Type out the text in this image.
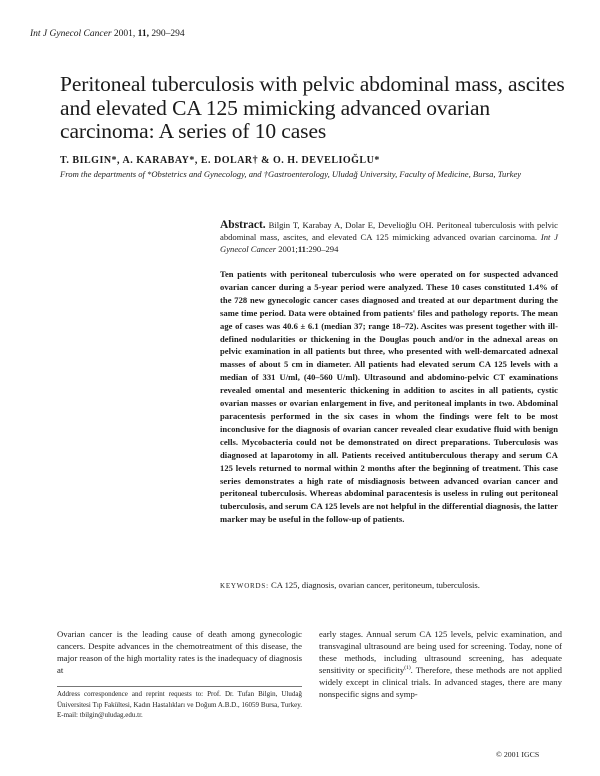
Int J Gynecol Cancer 2001, 11, 290–294
Peritoneal tuberculosis with pelvic abdominal mass, ascites and elevated CA 125 mimicking advanced ovarian carcinoma: A series of 10 cases
T. BILGIN*, A. KARABAY*, E. DOLAR† & O. H. DEVELIOĞLU*
From the departments of *Obstetrics and Gynecology, and †Gastroenterology, Uludağ University, Faculty of Medicine, Bursa, Turkey
Abstract. Bilgin T, Karabay A, Dolar E, Develioğlu OH. Peritoneal tuberculosis with pelvic abdominal mass, ascites, and elevated CA 125 mimicking advanced ovarian carcinoma. Int J Gynecol Cancer 2001;11:290–294
Ten patients with peritoneal tuberculosis who were operated on for suspected advanced ovarian cancer during a 5-year period were analyzed. These 10 cases constituted 1.4% of the 728 new gynecologic cancer cases diagnosed and treated at our department during the same time period. Data were obtained from patients' files and pathology reports. The mean age of cases was 40.6 ± 6.1 (median 37; range 18–72). Ascites was present together with ill-defined nodularities or thickening in the Douglas pouch and/or in the adnexal areas on pelvic examination in all patients but three, who presented with well-demarcated adnexal masses of about 5 cm in diameter. All patients had elevated serum CA 125 levels with a median of 331 U/ml, (40–560 U/ml). Ultrasound and abdomino-pelvic CT examinations revealed omental and mesenteric thickening in addition to ascites in all patients, cystic ovarian masses or ovarian enlargement in five, and peritoneal implants in two. Abdominal paracentesis performed in the six cases in whom the findings were felt to be most inconclusive for the diagnosis of ovarian cancer revealed clear exudative fluid with benign cells. Mycobacteria could not be demonstrated on direct preparations. Tuberculosis was diagnosed at laparotomy in all. Patients received antituberculous therapy and serum CA 125 levels returned to normal within 2 months after the beginning of treatment. This case series demonstrates a high rate of misdiagnosis between advanced ovarian cancer and peritoneal tuberculosis. Whereas abdominal paracentesis is useless in ruling out peritoneal tuberculosis, and serum CA 125 levels are not helpful in the differential diagnosis, the latter marker may be useful in the follow-up of patients.
KEYWORDS: CA 125, diagnosis, ovarian cancer, peritoneum, tuberculosis.
Ovarian cancer is the leading cause of death among gynecologic cancers. Despite advances in the chemotreatment of this disease, the major reason of the high mortality rates is the inadequacy of diagnosis at
early stages. Annual serum CA 125 levels, pelvic examination, and transvaginal ultrasound are being used for screening. Today, none of these methods, including ultrasound screening, has adequate sensitivity or specificity$^{(1)}$. Therefore, these methods are not applied widely except in clinical trials. In advanced stages, there are many nonspecific signs and symp-
Address correspondence and reprint requests to: Prof. Dr. Tufan Bilgin, Uludağ Üniversitesi Tıp Fakültesi, Kadın Hastalıkları ve Doğum A.B.D., 16059 Bursa, Turkey. E-mail: tbilgin@uludag.edu.tr.
© 2001 IGCS
